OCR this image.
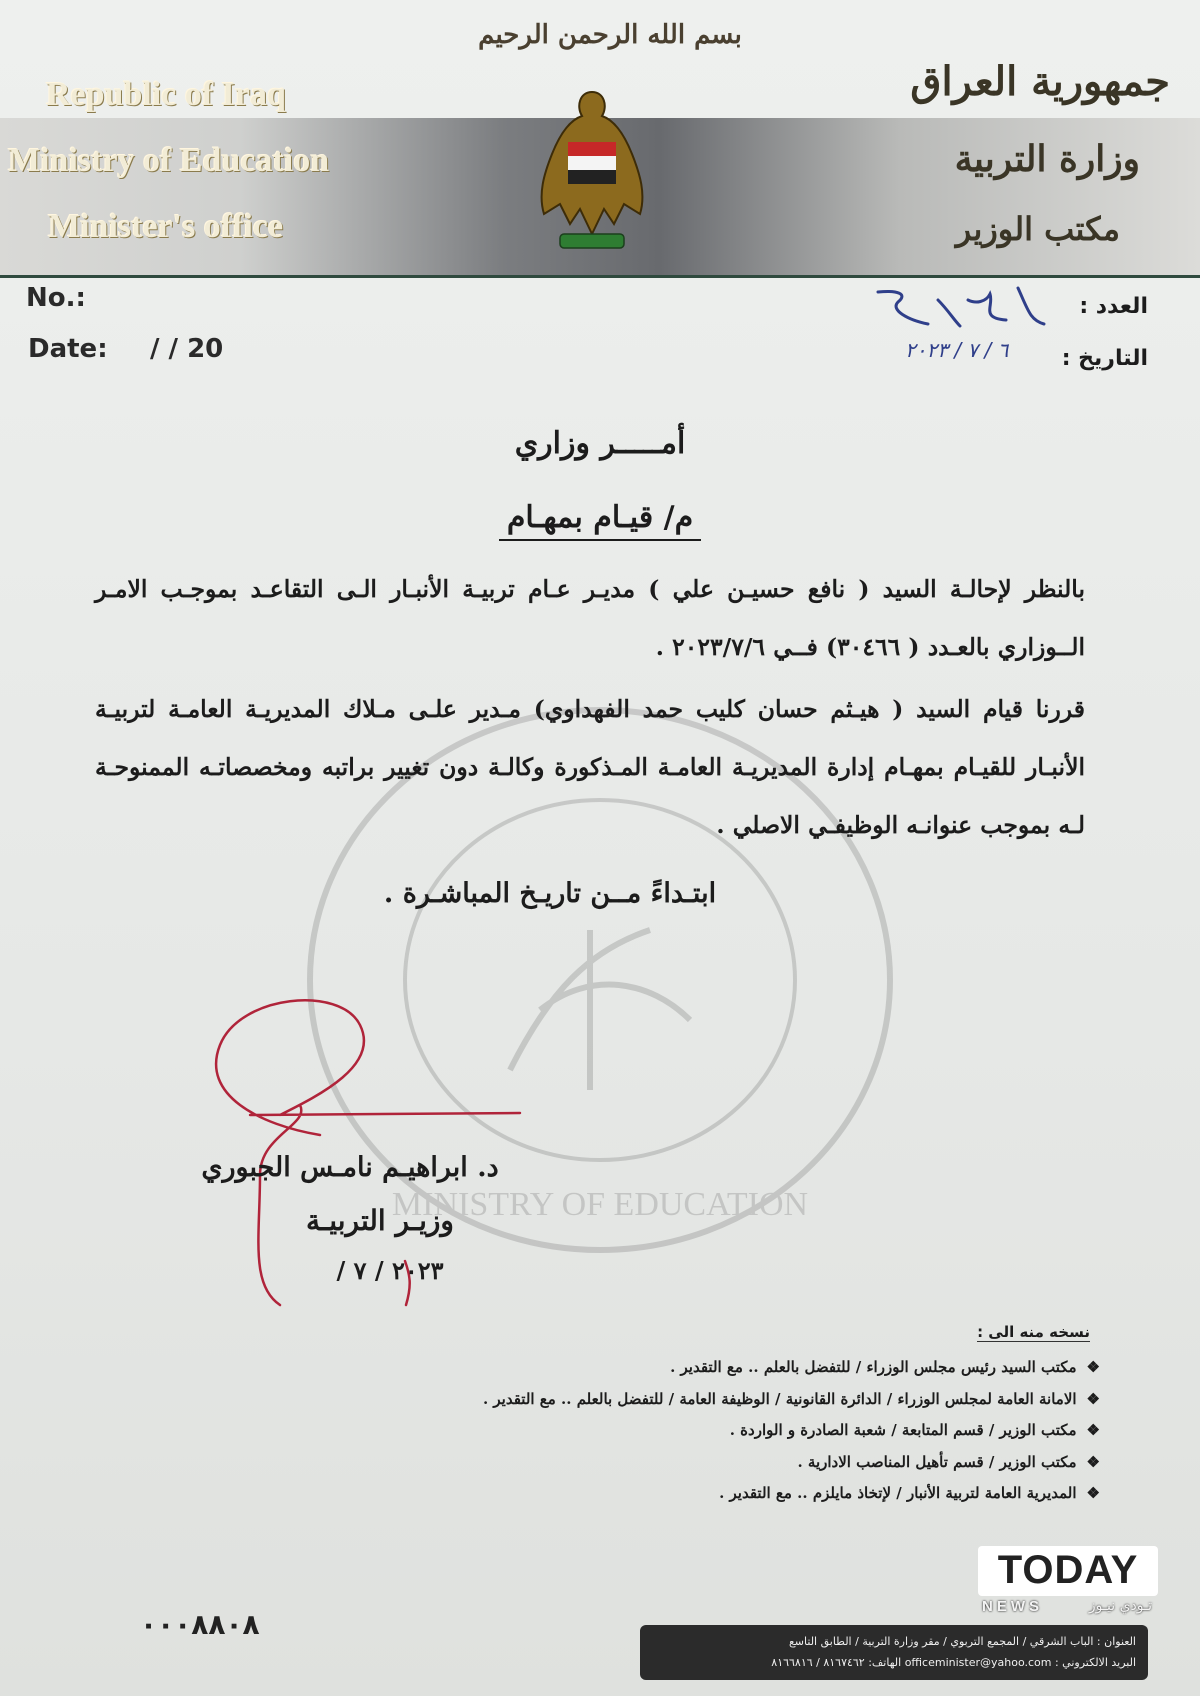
بسم الله الرحمن الرحيم
Republic of Iraq
Ministry of Education
Minister's office
جمهورية العراق
وزارة التربية
مكتب الوزير
No.:
Date: / / 20
العدد :
التاريخ :
٦ / ٧ / ٢٠٢٣
MINISTRY OF EDUCATION
أمـــــر وزاري
م/ قيـام بمهـام
بالنظر لإحالـة السيد ( نافع حسيـن علي ) مديـر عـام تربيـة الأنبـار الـى التقاعـد بموجـب الامـر الــوزاري بالعـدد ( ٣٠٤٦٦) فــي ٢٠٢٣/٧/٦ .
قررنا قيام السيد ( هيـثم حسان كليب حمد الفهداوي) مـدير علـى مـلاك المديريـة العامـة لتربيـة الأنبـار للقيـام بمهـام إدارة المديريـة العامـة المـذكورة وكالـة دون تغيير براتبه ومخصصاتـه الممنوحـة لـه بموجب عنوانـه الوظيفـي الاصلي .
ابتـداءً مــن تاريـخ المباشـرة .
د. ابراهيـم نامـس الجبوري
وزيـر التربيـة
٢٠٢٣ / ٧ /
نسخه منه الى :
❖مكتب السيد رئيس مجلس الوزراء / للتفضل بالعلم .. مع التقدير .
❖الامانة العامة لمجلس الوزراء / الدائرة القانونية / الوظيفة العامة / للتفضل بالعلم .. مع التقدير .
❖مكتب الوزير / قسم المتابعة / شعبة الصادرة و الواردة .
❖مكتب الوزير / قسم تأهيل المناصب الادارية .
❖المديرية العامة لتربية الأنبار / لإتخاذ مايلزم .. مع التقدير .
٠٠٠٨٨٠٨
العنوان : الباب الشرقي / المجمع التربوي / مقر وزارة التربية / الطابق التاسع
البريد الالكتروني : officeminister@yahoo.com الهاتف: ٨١٦٧٤٦٢ / ٨١٦٦٨١٦
TODAY
NEWS	تـودي نيـوز
